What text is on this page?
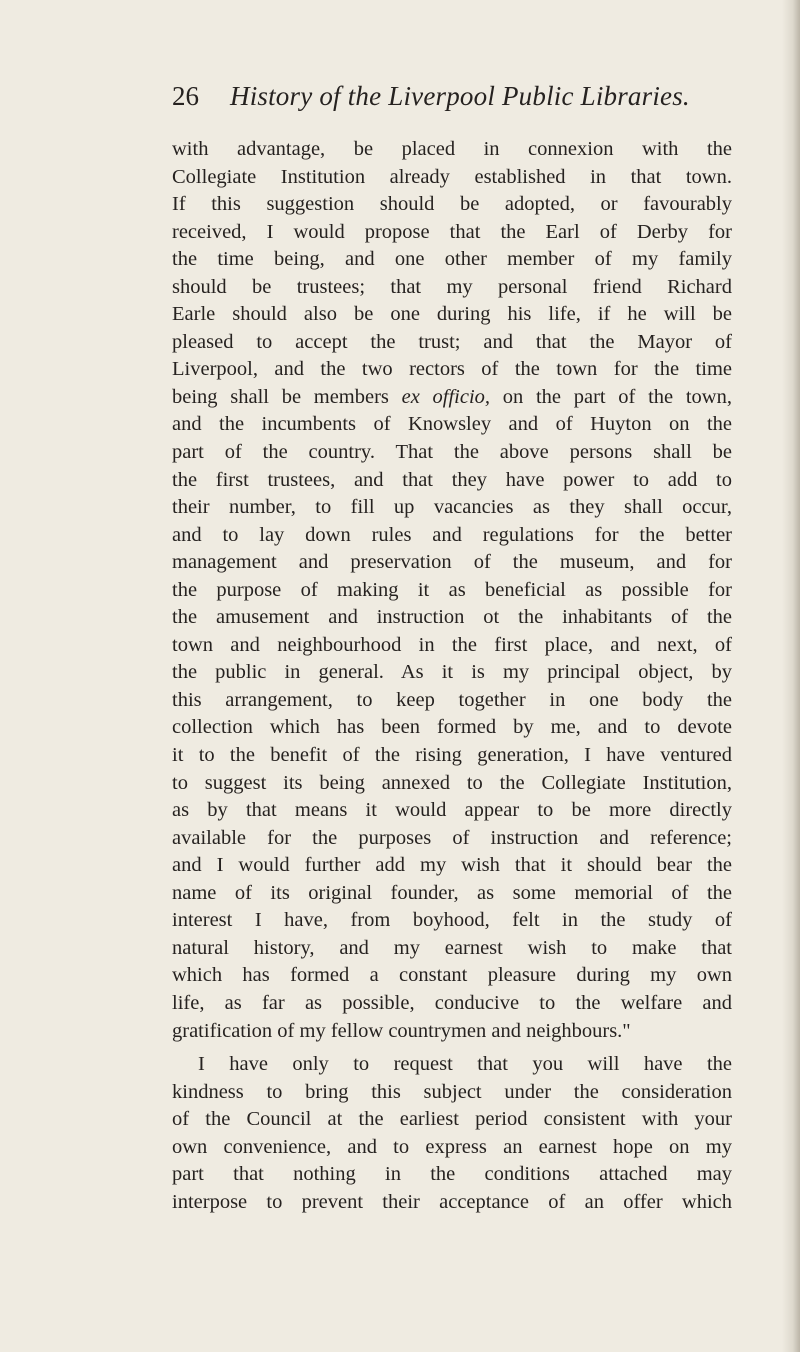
26 History of the Liverpool Public Libraries.
with advantage, be placed in connexion with the
Collegiate Institution already established in that town.
If this suggestion should be adopted, or favourably
received, I would propose that the Earl of Derby for
the time being, and one other member of my family
should be trustees; that my personal friend Richard
Earle should also be one during his life, if he will be
pleased to accept the trust; and that the Mayor of
Liverpool, and the two rectors of the town for the time
being shall be members ex officio, on the part of the town,
and the incumbents of Knowsley and of Huyton on the
part of the country. That the above persons shall be
the first trustees, and that they have power to add to
their number, to fill up vacancies as they shall occur,
and to lay down rules and regulations for the better
management and preservation of the museum, and for
the purpose of making it as beneficial as possible for
the amusement and instruction ot the inhabitants of the
town and neighbourhood in the first place, and next, of
the public in general. As it is my principal object, by
this arrangement, to keep together in one body the
collection which has been formed by me, and to devote
it to the benefit of the rising generation, I have ventured
to suggest its being annexed to the Collegiate Institution,
as by that means it would appear to be more directly
available for the purposes of instruction and reference;
and I would further add my wish that it should bear the
name of its original founder, as some memorial of the
interest I have, from boyhood, felt in the study of
natural history, and my earnest wish to make that
which has formed a constant pleasure during my own
life, as far as possible, conducive to the welfare and
gratification of my fellow countrymen and neighbours."
I have only to request that you will have the
kindness to bring this subject under the consideration
of the Council at the earliest period consistent with your
own convenience, and to express an earnest hope on my
part that nothing in the conditions attached may
interpose to prevent their acceptance of an offer which
